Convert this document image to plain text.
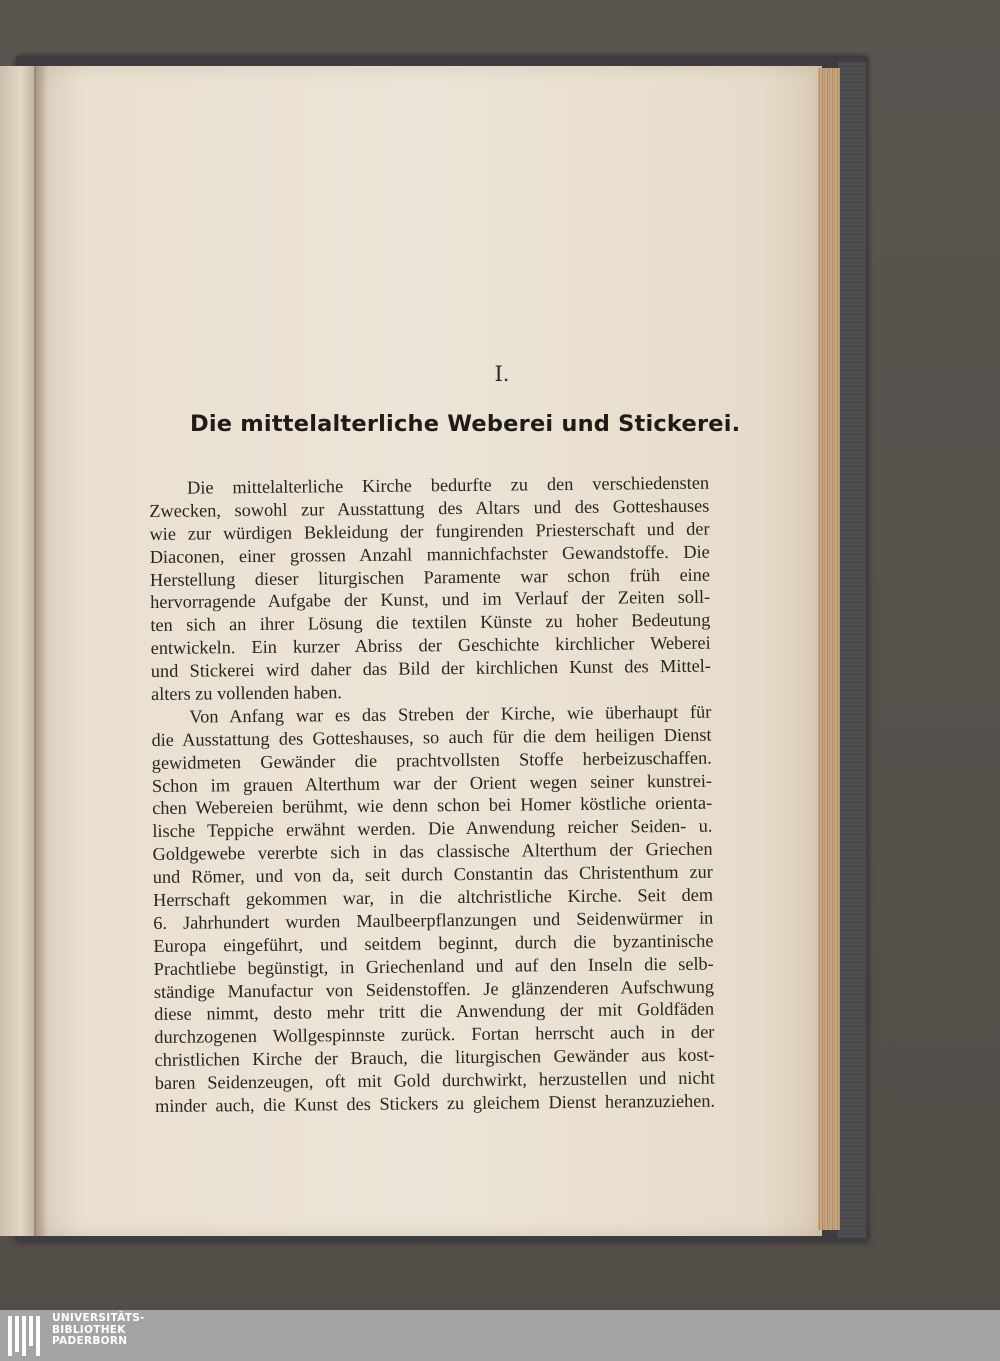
I.
Die mittelalterliche Weberei und Stickerei.
Die mittelalterliche Kirche bedurfte zu den verschiedensten
Zwecken, sowohl zur Ausstattung des Altars und des Gotteshauses
wie zur würdigen Bekleidung der fungirenden Priesterschaft und der
Diaconen, einer grossen Anzahl mannichfachster Gewandstoffe. Die
Herstellung dieser liturgischen Paramente war schon früh eine
hervorragende Aufgabe der Kunst, und im Verlauf der Zeiten soll-
ten sich an ihrer Lösung die textilen Künste zu hoher Bedeutung
entwickeln. Ein kurzer Abriss der Geschichte kirchlicher Weberei
und Stickerei wird daher das Bild der kirchlichen Kunst des Mittel-
alters zu vollenden haben.
Von Anfang war es das Streben der Kirche, wie überhaupt für
die Ausstattung des Gotteshauses, so auch für die dem heiligen Dienst
gewidmeten Gewänder die prachtvollsten Stoffe herbeizuschaffen.
Schon im grauen Alterthum war der Orient wegen seiner kunstrei-
chen Webereien berühmt, wie denn schon bei Homer köstliche orienta-
lische Teppiche erwähnt werden. Die Anwendung reicher Seiden- u.
Goldgewebe vererbte sich in das classische Alterthum der Griechen
und Römer, und von da, seit durch Constantin das Christenthum zur
Herrschaft gekommen war, in die altchristliche Kirche. Seit dem
6. Jahrhundert wurden Maulbeerpflanzungen und Seidenwürmer in
Europa eingeführt, und seitdem beginnt, durch die byzantinische
Prachtliebe begünstigt, in Griechenland und auf den Inseln die selb-
ständige Manufactur von Seidenstoffen. Je glänzenderen Aufschwung
diese nimmt, desto mehr tritt die Anwendung der mit Goldfäden
durchzogenen Wollgespinnste zurück. Fortan herrscht auch in der
christlichen Kirche der Brauch, die liturgischen Gewänder aus kost-
baren Seidenzeugen, oft mit Gold durchwirkt, herzustellen und nicht
minder auch, die Kunst des Stickers zu gleichem Dienst heranzuziehen.
UNIVERSITÄTS-
BIBLIOTHEK
PADERBORN
